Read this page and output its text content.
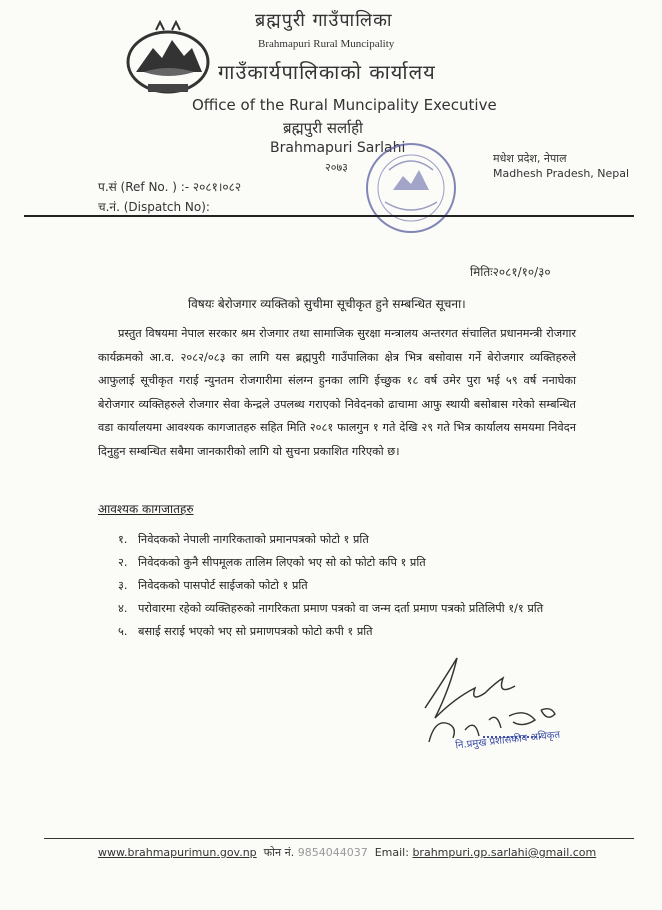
ब्रह्मपुरी गाउँपालिका
Brahmapuri Rural Muncipality
गाउँकार्यपालिकाको कार्यालय
Office of the Rural Muncipality Executive
ब्रह्मपुरी सर्लाही
Brahmapuri Sarlahi
२०७३
मधेश प्रदेश, नेपाल
Madhesh Pradesh, Nepal
प.सं (Ref No. ) :- २०८१।०८२
च.नं. (Dispatch No):
मितिः२०८१/१०/३०
विषयः बेरोजगार व्यक्तिको सुचीमा सूचीकृत हुने सम्बन्धित सूचना।
प्रस्तुत विषयमा नेपाल सरकार श्रम रोजगार तथा सामाजिक सुरक्षा मन्त्रालय अन्तरगत संचालित प्रधानमन्त्री रोजगार कार्यक्रमको आ.व. २०८२/०८३ का लागि यस ब्रह्मपुरी गाउँपालिका क्षेत्र भित्र बसोवास गर्ने बेरोजगार व्यक्तिहरुले आफुलाई सूचीकृत गराई न्युनतम रोजगारीमा संलग्न हुनका लागि ईच्छुक १८ वर्ष उमेर पुरा भई ५९ वर्ष ननाघेका बेरोजगार व्यक्तिहरुले रोजगार सेवा केन्द्रले उपलब्ध गराएको निवेदनको ढाचामा आफु स्थायी बसोबास गरेको सम्बन्धित वडा कार्यालयमा आवश्यक कागजातहरु सहित मिति २०८१ फालगुन १ गते देखि २९ गते भित्र कार्यालय समयमा निवेदन दिनुहुन सम्बन्धित सबैमा जानकारीको लागि यो सुचना प्रकाशित गरिएको छ।
आवश्यक कागजातहरु
१. निवेदकको नेपाली नागरिकताको प्रमानपत्रको फोटो १ प्रति
२. निवेदकको कुनै सीपमूलक तालिम लिएको भए सो को फोटो कपि १ प्रति
३. निवेदकको पासपोर्ट साईजको फोटो १ प्रति
४. परोवारमा रहेको व्यक्तिहरुको नागरिकता प्रमाण पत्रको वा जन्म दर्ता प्रमाण पत्रको प्रतिलिपी १/१ प्रति
५. बसाई सराई भएको भए सो प्रमाणपत्रको फोटो कपी १ प्रति
नि.प्रमुख प्रशासकीय अधिकृत
www.brahmapurimun.gov.np फोन नं. 9854044037 Email: brahmpuri.gp.sarlahi@gmail.com
